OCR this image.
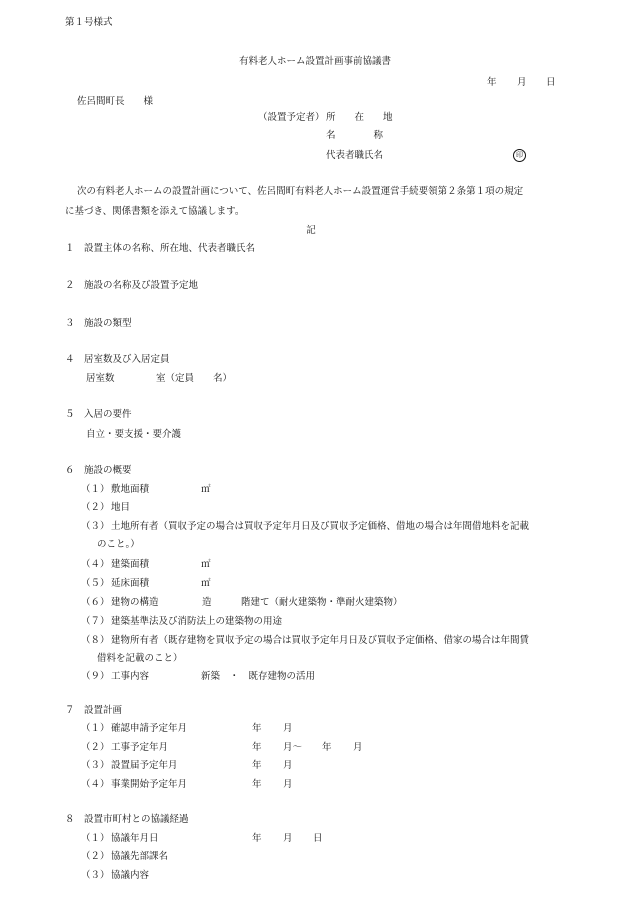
第１号様式
有料老人ホーム設置計画事前協議書
年 月 日
佐呂間町長　　様
（設置予定者） 所　　在　　地
名　　　　称
代表者職氏名	印
次の有料老人ホームの設置計画について、佐呂間町有料老人ホーム設置運営手続要領第２条第１項の規定
に基づき、関係書類を添えて協議します。
記
１　設置主体の名称、所在地、代表者職氏名
２　施設の名称及び設置予定地
３　施設の類型
４　居室数及び入居定員
居室数	室（定員　　名）
５　入居の要件
自立・要支援・要介護
６　施設の概要
（１） 敷地面積	㎡
（２） 地目
（３） 土地所有者（買収予定の場合は買収予定年月日及び買収予定価格、借地の場合は年間借地料を記載
のこと。）
（４） 建築面積	㎡
（５） 延床面積	㎡
（６） 建物の構造	造	階建て（耐火建築物・準耐火建築物）
（７） 建築基準法及び消防法上の建築物の用途
（８） 建物所有者（既存建物を買収予定の場合は買収予定年月日及び買収予定価格、借家の場合は年間賃
借料を記載のこと）
（９） 工事内容	新築　・　既存建物の活用
７　設置計画
（１） 確認申請予定年月	年 月
（２） 工事予定年月	年 月～ 年 月
（３） 設置届予定年月	年 月
（４） 事業開始予定年月	年 月
８　設置市町村との協議経過
（１） 協議年月日	年 月 日
（２） 協議先部課名
（３） 協議内容
